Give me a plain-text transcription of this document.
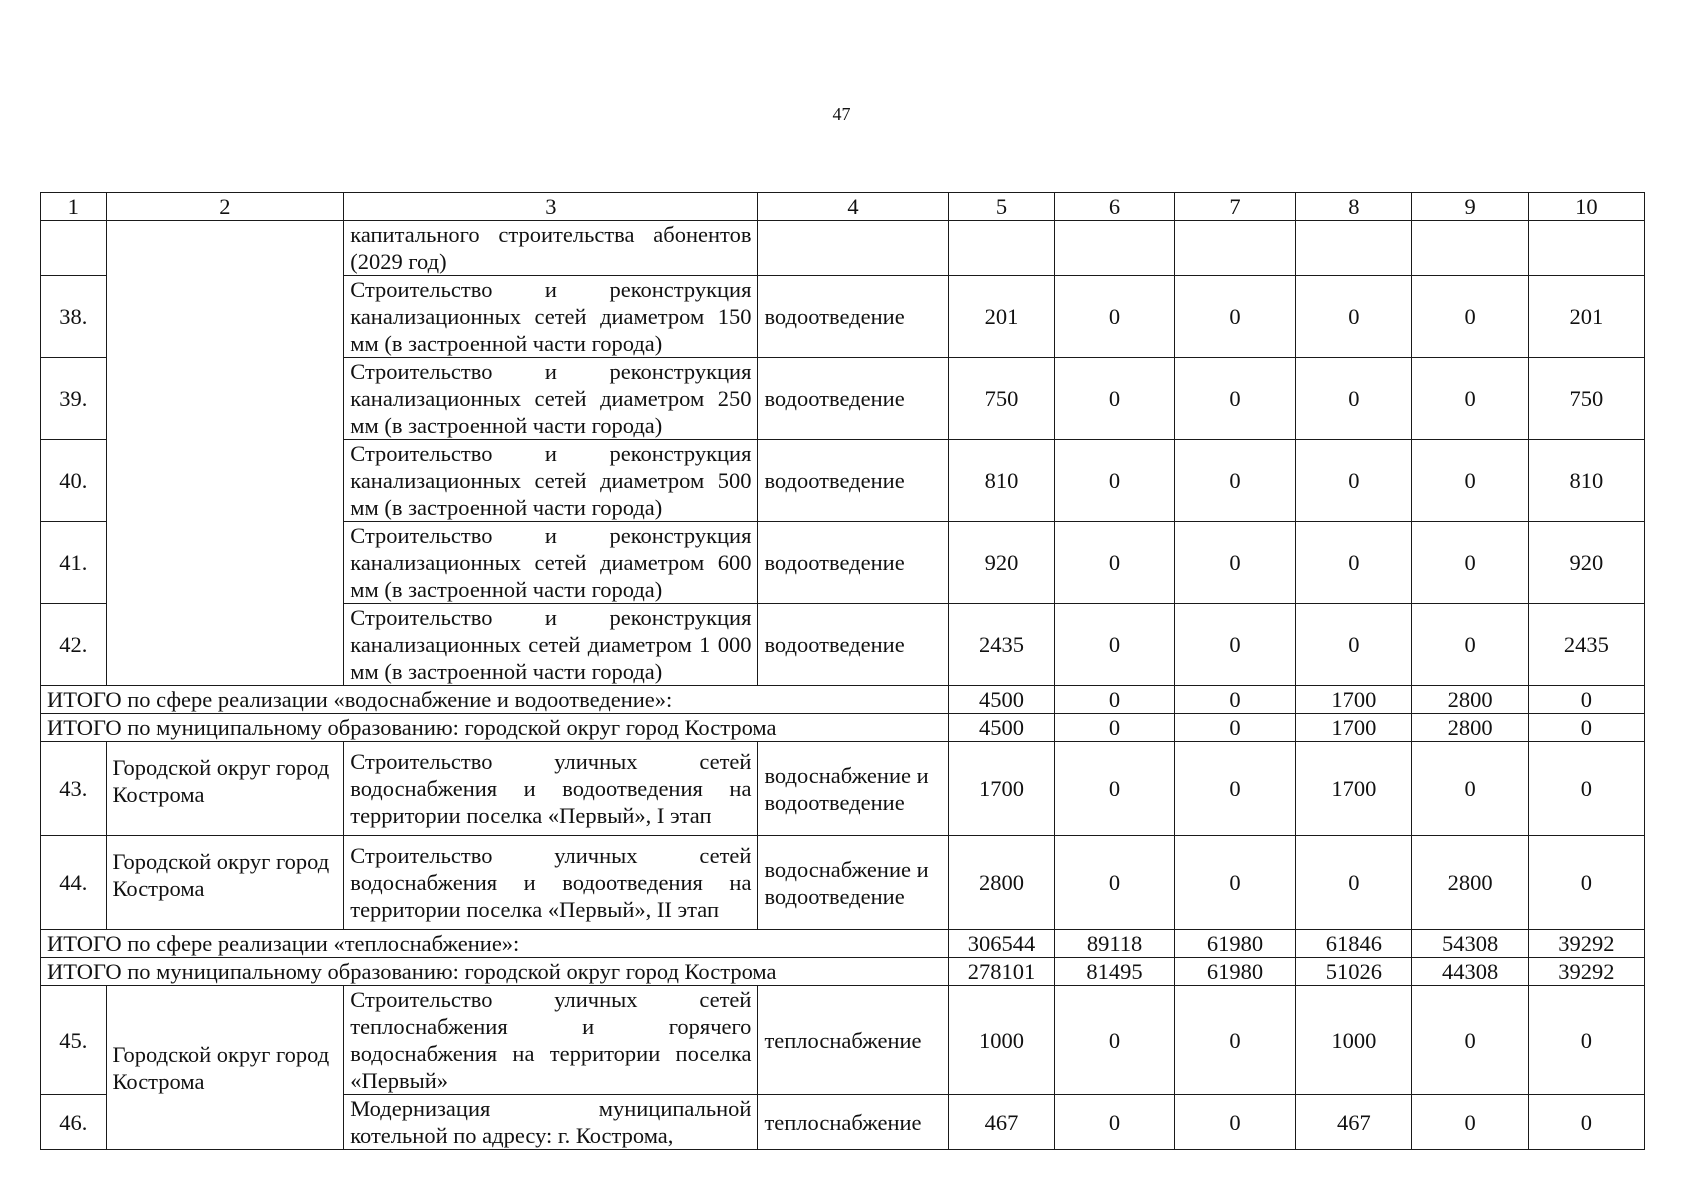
47
1	2	3	4	5	6	7	8	9	10
		капитального строительства абонентов (2029 год)							
38.		Строительство и реконструкция канализационных сетей диаметром 150 мм (в застроенной части города)	водоотведение	201	0	0	0	0	201
39.		Строительство и реконструкция канализационных сетей диаметром 250 мм (в застроенной части города)	водоотведение	750	0	0	0	0	750
40.		Строительство и реконструкция канализационных сетей диаметром 500 мм (в застроенной части города)	водоотведение	810	0	0	0	0	810
41.		Строительство и реконструкция канализационных сетей диаметром 600 мм (в застроенной части города)	водоотведение	920	0	0	0	0	920
42.		Строительство и реконструкция канализационных сетей диаметром 1 000 мм (в застроенной части города)	водоотведение	2435	0	0	0	0	2435
ИТОГО по сфере реализации «водоснабжение и водоотведение»:				4500	0	0	1700	2800	0
ИТОГО по муниципальному образованию: городской округ город Кострома				4500	0	0	1700	2800	0
43.	Городской округ город Кострома	Строительство уличных сетей водоснабжения и водоотведения на территории поселка «Первый», I этап	водоснабжение и водоотведение	1700	0	0	1700	0	0
44.	Городской округ город Кострома	Строительство уличных сетей водоснабжения и водоотведения на территории поселка «Первый», II этап	водоснабжение и водоотведение	2800	0	0	0	2800	0
ИТОГО по сфере реализации «теплоснабжение»:				306544	89118	61980	61846	54308	39292
ИТОГО по муниципальному образованию: городской округ город Кострома				278101	81495	61980	51026	44308	39292
45.	Городской округ город Кострома	Строительство уличных сетей теплоснабжения и горячего водоснабжения на территории поселка «Первый»	теплоснабжение	1000	0	0	1000	0	0
46.		Модернизация муниципальной котельной по адресу: г. Кострома,	теплоснабжение	467	0	0	467	0	0
